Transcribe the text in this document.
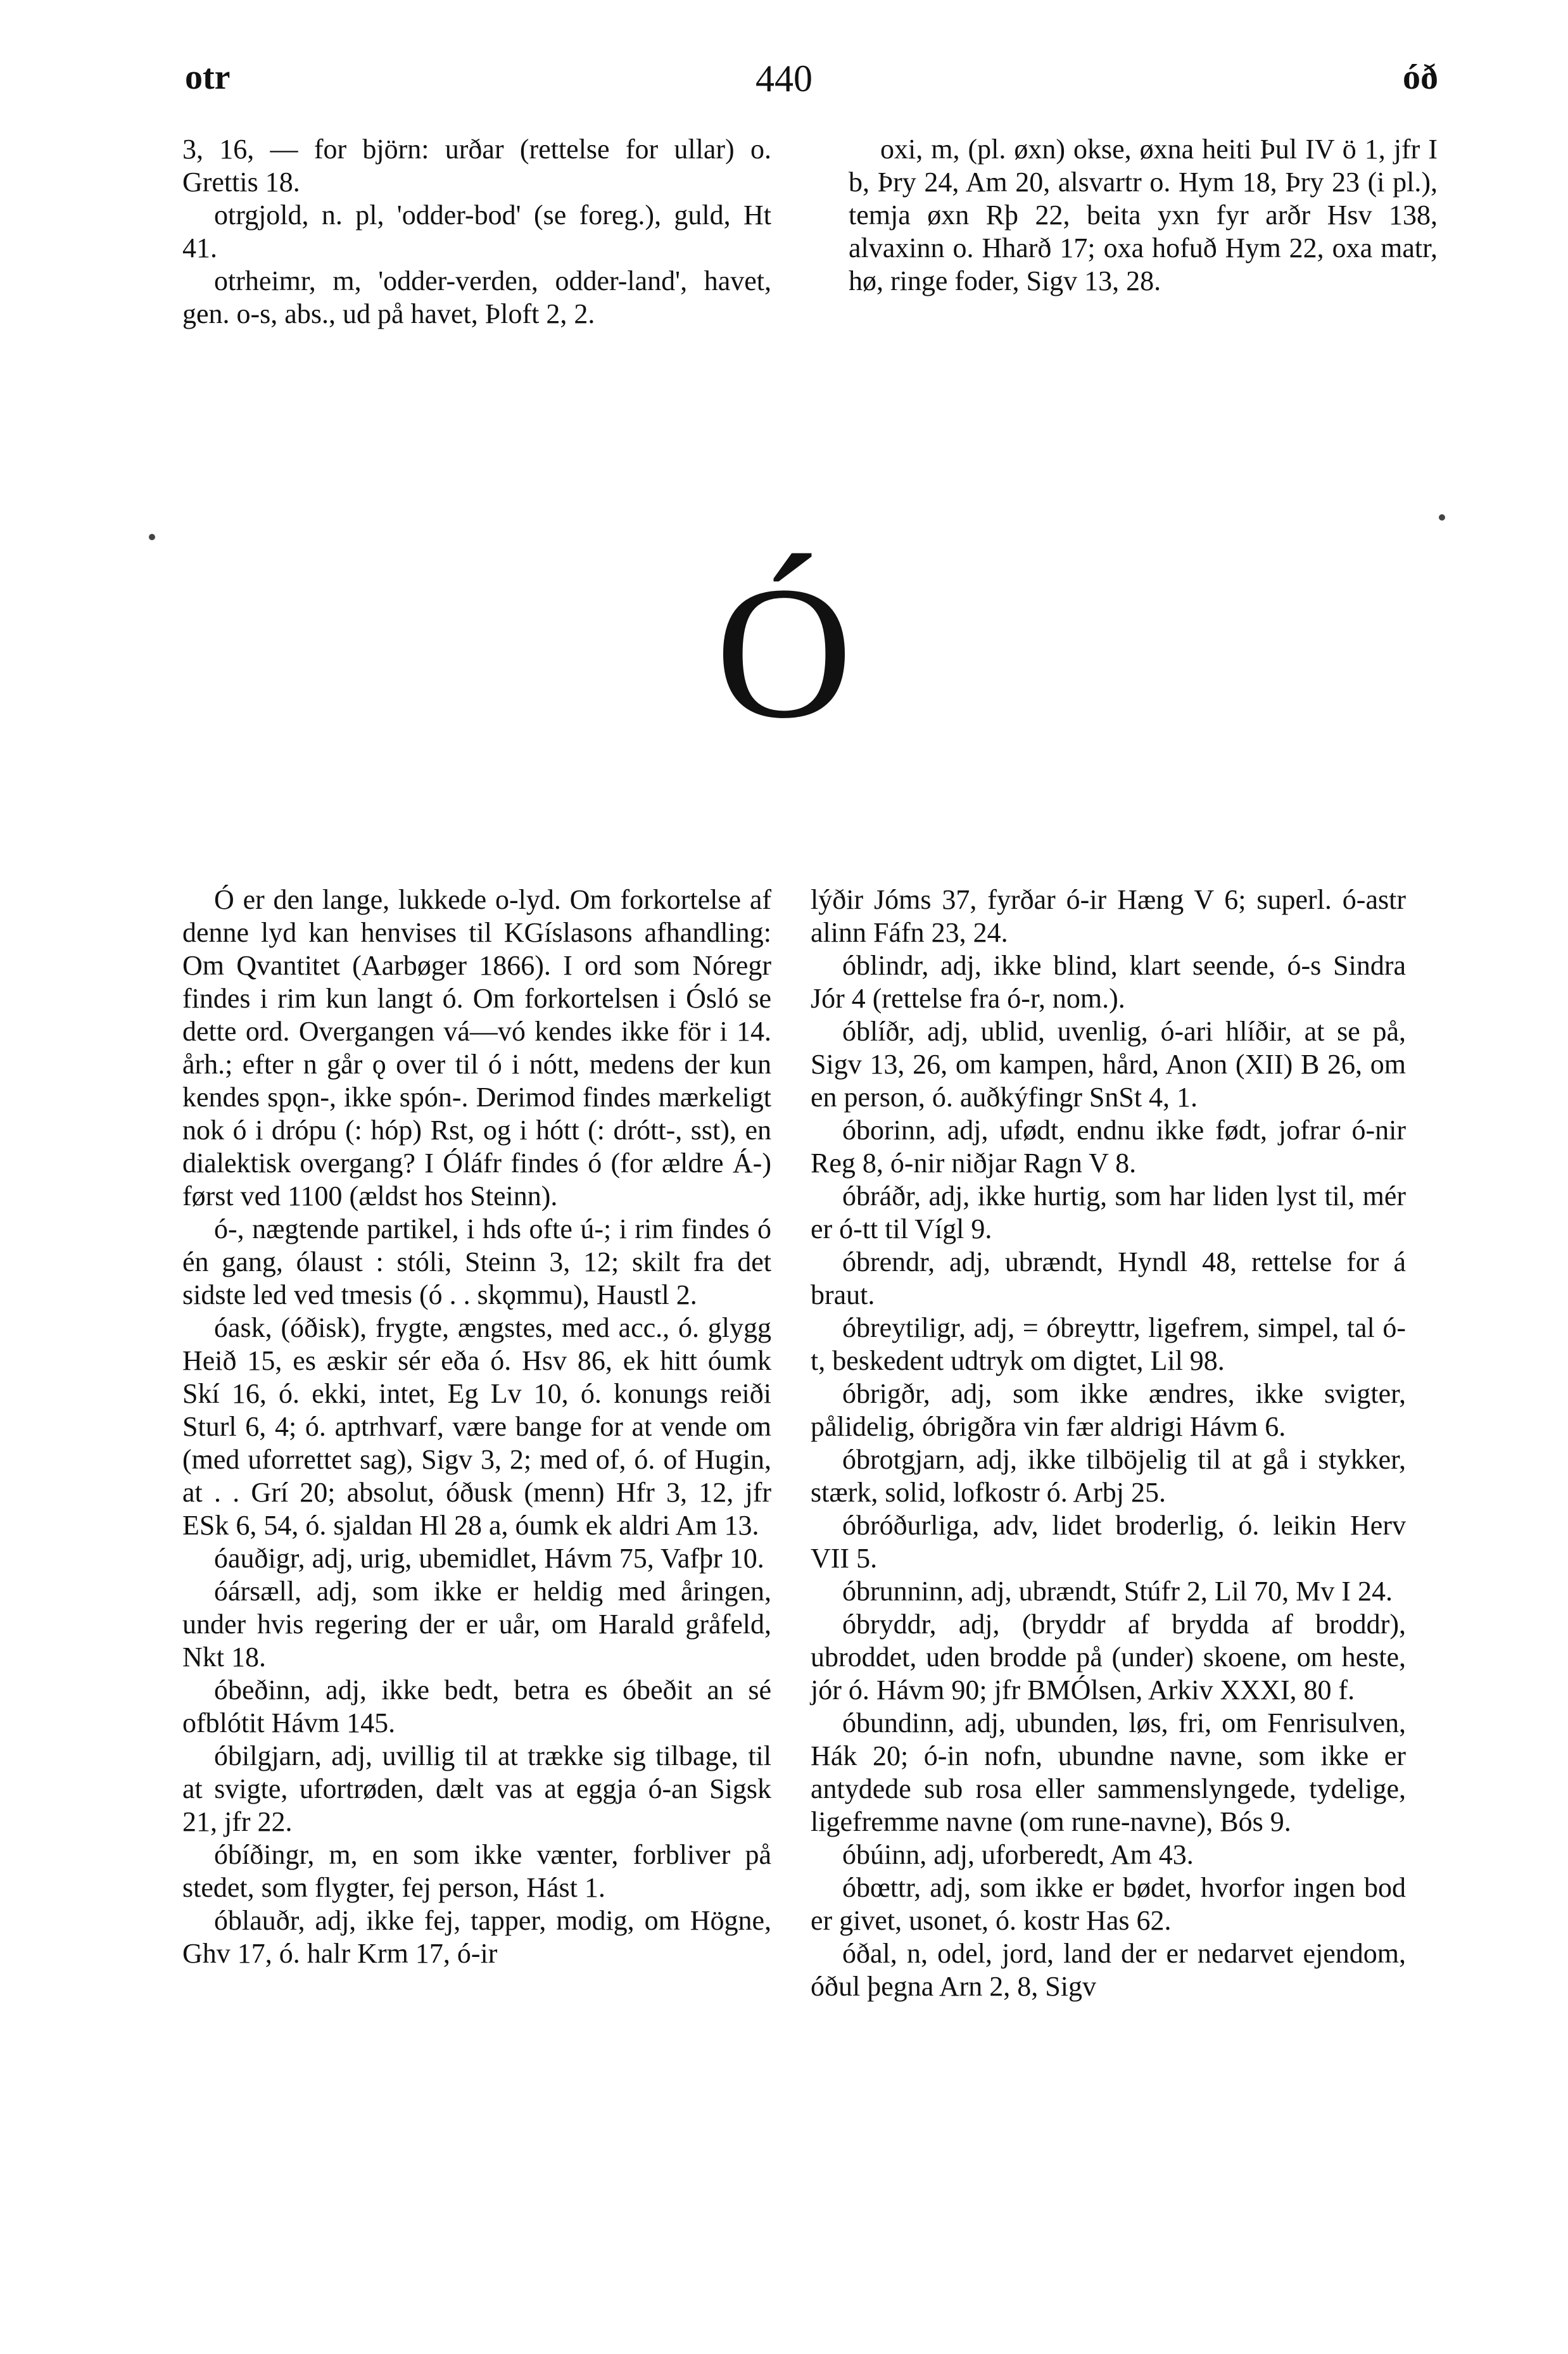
otr	440	óð

3, 16, — for björn: urðar (rettelse for ullar) o. Grettis 18.

otrgjold, n. pl, 'odder-bod' (se foreg.), guld, Ht 41.

otrheimr, m, 'odder-verden, odder-land', havet, gen. o-s, abs., ud på havet, Þloft 2, 2.

oxi, m, (pl. øxn) okse, øxna heiti Þul IV ö 1, jfr I b, Þry 24, Am 20, alsvartr o. Hym 18, Þry 23 (i pl.), temja øxn Rþ 22, beita yxn fyr arðr Hsv 138, alvaxinn o. Hharð 17; oxa hofuð Hym 22, oxa matr, hø, ringe foder, Sigv 13, 28.

Ó

Ó er den lange, lukkede o-lyd. Om forkortelse af denne lyd kan henvises til KGíslasons afhandling: Om Qvantitet (Aarbøger 1866). I ord som Nóregr findes i rim kun langt ó. Om forkortelsen i Ósló se dette ord. Overgangen vá—vó kendes ikke för i 14. årh.; efter n går ǫ over til ó i nótt, medens der kun kendes spǫn-, ikke spón-. Derimod findes mærkeligt nok ó i drópu (: hóp) Rst, og i hótt (: drótt-, sst), en dialektisk overgang? I Óláfr findes ó (for ældre Á-) først ved 1100 (ældst hos Steinn).

ó-, nægtende partikel, i hds ofte ú-; i rim findes ó én gang, ólaust : stóli, Steinn 3, 12; skilt fra det sidste led ved tmesis (ó . . skǫmmu), Haustl 2.

óask, (óðisk), frygte, ængstes, med acc., ó. glygg Heið 15, es æskir sér eða ó. Hsv 86, ek hitt óumk Skí 16, ó. ekki, intet, Eg Lv 10, ó. konungs reiði Sturl 6, 4; ó. aptrhvarf, være bange for at vende om (med uforrettet sag), Sigv 3, 2; med of, ó. of Hugin, at . . Grí 20; absolut, óðusk (menn) Hfr 3, 12, jfr ESk 6, 54, ó. sjaldan Hl 28 a, óumk ek aldri Am 13.

óauðigr, adj, urig, ubemidlet, Hávm 75, Vafþr 10.

óársæll, adj, som ikke er heldig med åringen, under hvis regering der er uår, om Harald gråfeld, Nkt 18.

óbeðinn, adj, ikke bedt, betra es óbeðit an sé ofblótit Hávm 145.

óbilgjarn, adj, uvillig til at trække sig tilbage, til at svigte, ufortrøden, dælt vas at eggja ó-an Sigsk 21, jfr 22.

óbíðingr, m, en som ikke vænter, forbliver på stedet, som flygter, fej person, Hást 1.

óblauðr, adj, ikke fej, tapper, modig, om Högne, Ghv 17, ó. halr Krm 17, ó-ir

lýðir Jóms 37, fyrðar ó-ir Hæng V 6; superl. ó-astr alinn Fáfn 23, 24.

óblindr, adj, ikke blind, klart seende, ó-s Sindra Jór 4 (rettelse fra ó-r, nom.).

óblíðr, adj, ublid, uvenlig, ó-ari hlíðir, at se på, Sigv 13, 26, om kampen, hård, Anon (XII) B 26, om en person, ó. auðkýfingr SnSt 4, 1.

óborinn, adj, ufødt, endnu ikke født, jofrar ó-nir Reg 8, ó-nir niðjar Ragn V 8.

óbráðr, adj, ikke hurtig, som har liden lyst til, mér er ó-tt til Vígl 9.

óbrendr, adj, ubrændt, Hyndl 48, rettelse for á braut.

óbreytiligr, adj, = óbreyttr, ligefrem, simpel, tal ó-t, beskedent udtryk om digtet, Lil 98.

óbrigðr, adj, som ikke ændres, ikke svigter, pålidelig, óbrigðra vin fær aldrigi Hávm 6.

óbrotgjarn, adj, ikke tilböjelig til at gå i stykker, stærk, solid, lofkostr ó. Arbj 25.

óbróðurliga, adv, lidet broderlig, ó. leikin Herv VII 5.

óbrunninn, adj, ubrændt, Stúfr 2, Lil 70, Mv I 24.

óbryddr, adj, (bryddr af brydda af broddr), ubroddet, uden brodde på (under) skoene, om heste, jór ó. Hávm 90; jfr BMÓlsen, Arkiv XXXI, 80 f.

óbundinn, adj, ubunden, løs, fri, om Fenrisulven, Hák 20; ó-in nofn, ubundne navne, som ikke er antydede sub rosa eller sammenslyngede, tydelige, ligefremme navne (om rune-navne), Bós 9.

óbúinn, adj, uforberedt, Am 43.

óbœttr, adj, som ikke er bødet, hvorfor ingen bod er givet, usonet, ó. kostr Has 62.

óðal, n, odel, jord, land der er nedarvet ejendom, óðul þegna Arn 2, 8, Sigv
